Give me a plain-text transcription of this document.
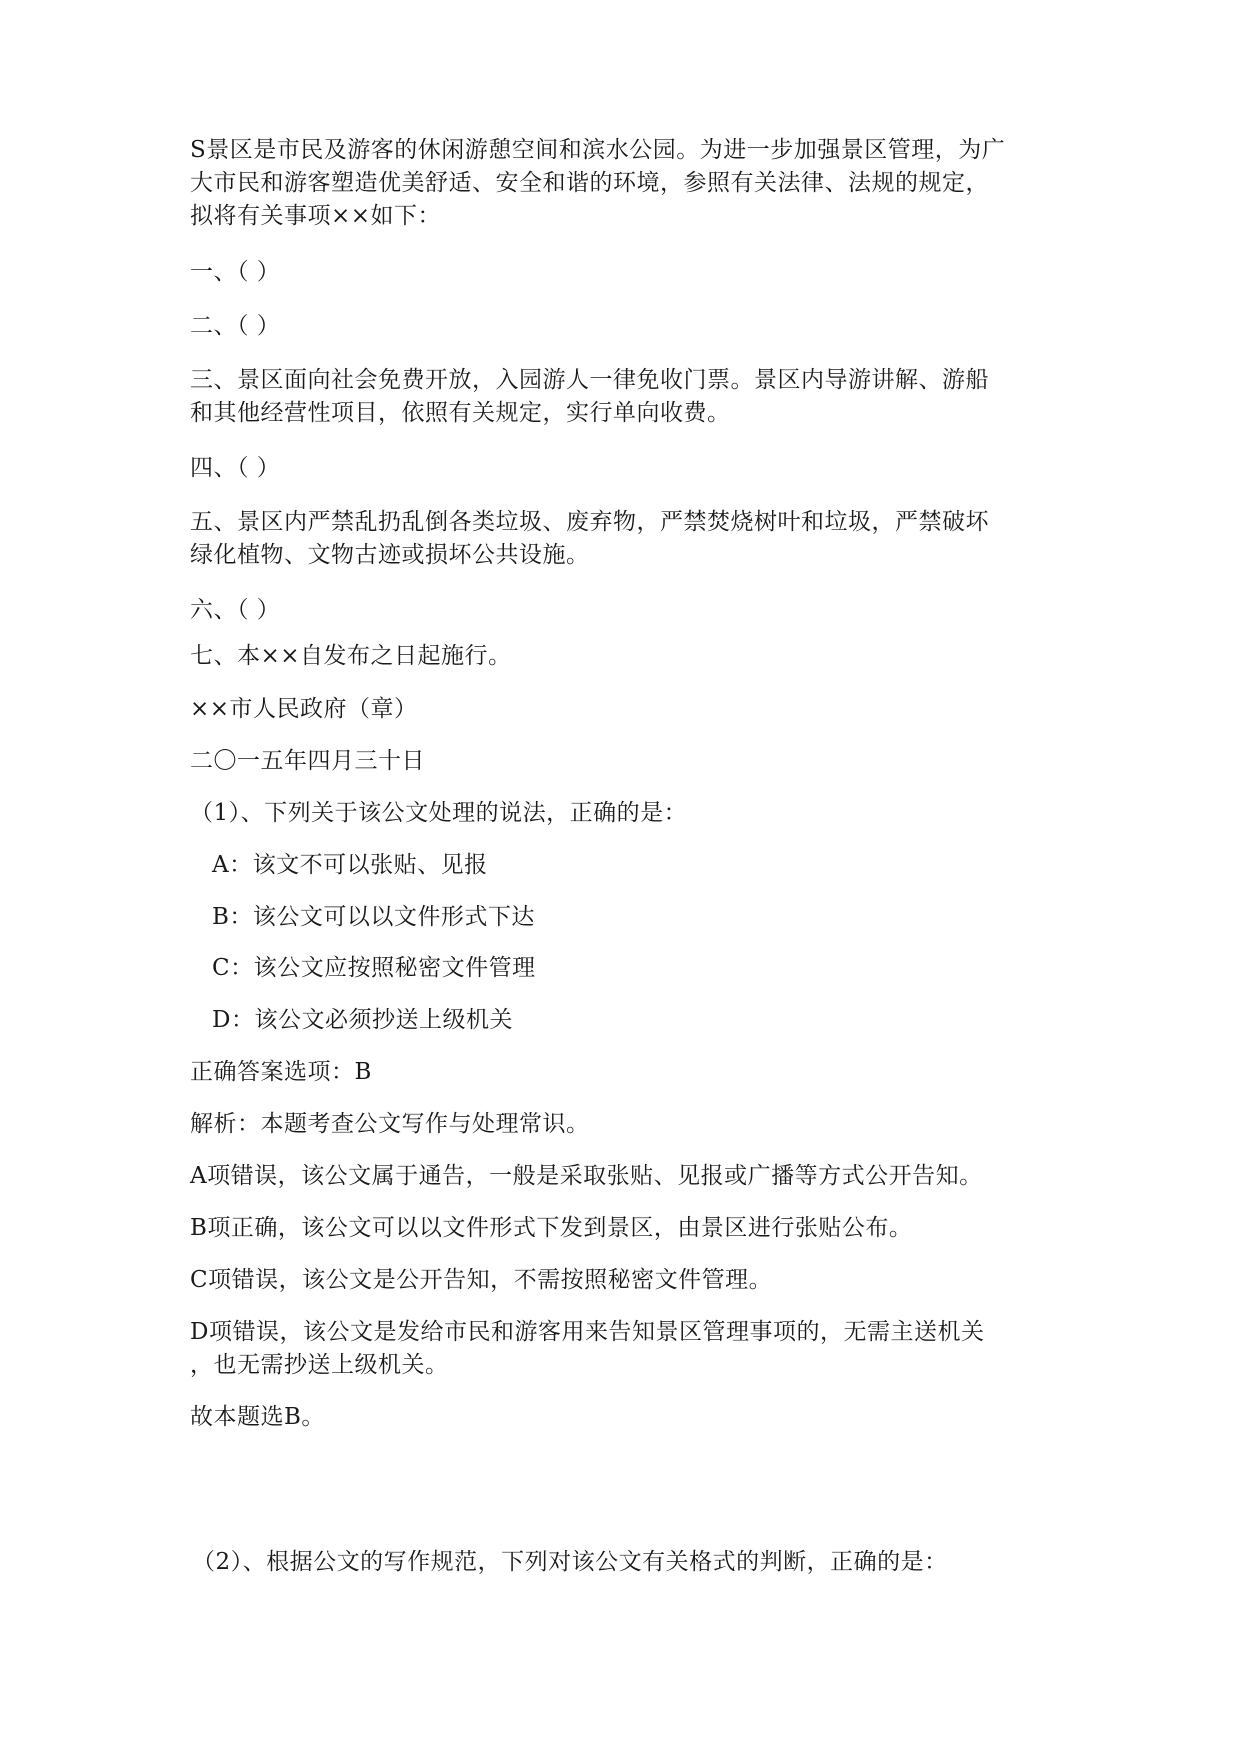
S景区是市民及游客的休闲游憩空间和滨水公园。为进一步加强景区管理，为广
大市民和游客塑造优美舒适、安全和谐的环境，参照有关法律、法规的规定，
拟将有关事项××如下：
一、（ ）
二、（ ）
三、景区面向社会免费开放，入园游人一律免收门票。景区内导游讲解、游船
和其他经营性项目，依照有关规定，实行单向收费。
四、（ ）
五、景区内严禁乱扔乱倒各类垃圾、废弃物，严禁焚烧树叶和垃圾，严禁破坏
绿化植物、文物古迹或损坏公共设施。
六、（ ）
七、本××自发布之日起施行。
××市人民政府（章）
二〇一五年四月三十日
（1）、下列关于该公文处理的说法，正确的是：
A：该文不可以张贴、见报
B：该公文可以以文件形式下达
C：该公文应按照秘密文件管理
D：该公文必须抄送上级机关
正确答案选项：B
解析：本题考查公文写作与处理常识。
A项错误，该公文属于通告，一般是采取张贴、见报或广播等方式公开告知。
B项正确，该公文可以以文件形式下发到景区，由景区进行张贴公布。
C项错误，该公文是公开告知，不需按照秘密文件管理。
D项错误，该公文是发给市民和游客用来告知景区管理事项的，无需主送机关
，也无需抄送上级机关。
故本题选B。
（2）、根据公文的写作规范，下列对该公文有关格式的判断，正确的是：
